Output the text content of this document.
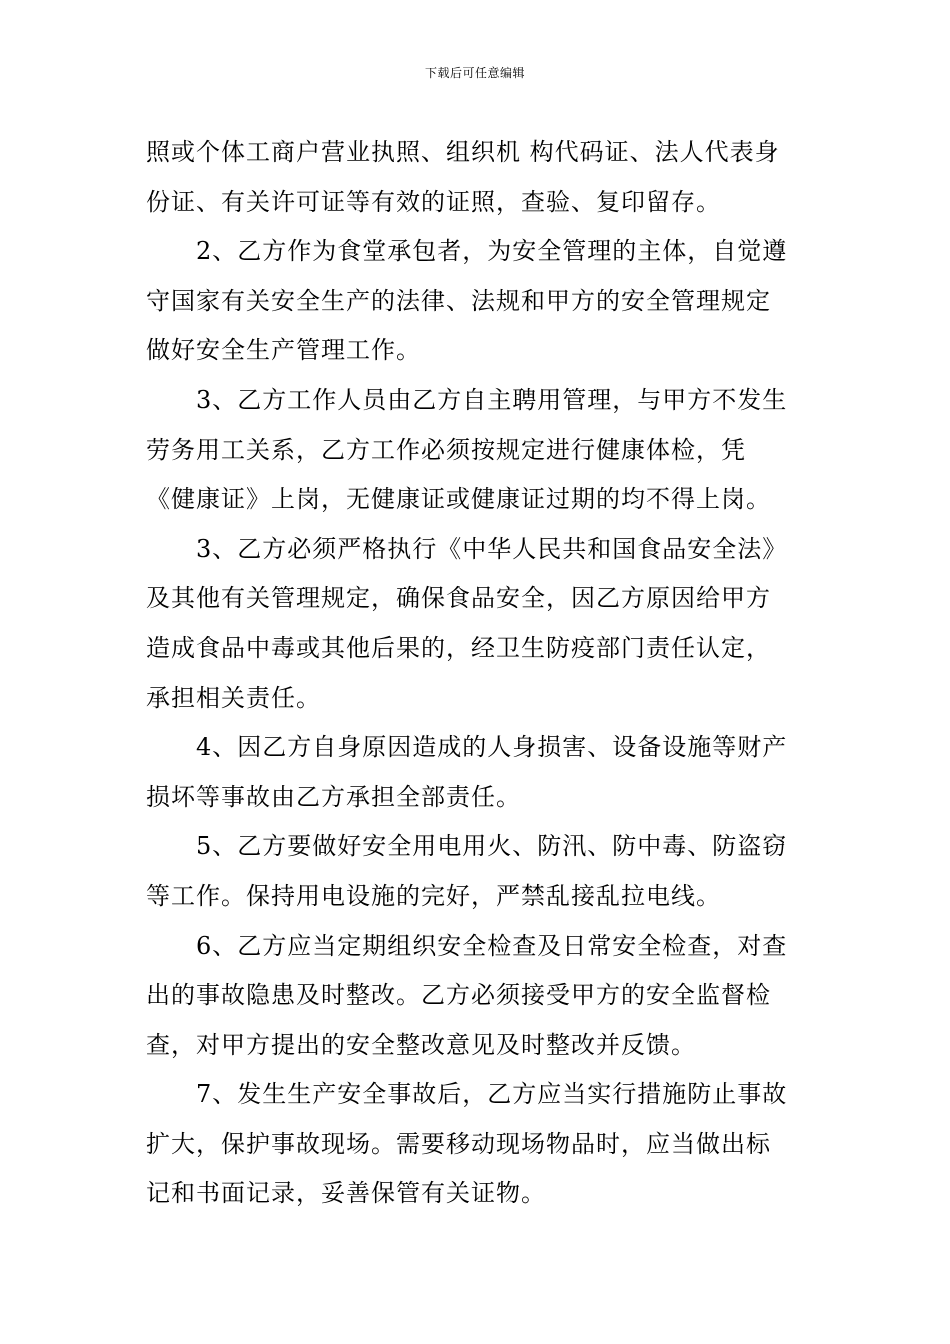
下载后可任意编辑
照或个体工商户营业执照、组织机 构代码证、法人代表身
份证、有关许可证等有效的证照，查验、复印留存。
2、乙方作为食堂承包者，为安全管理的主体，自觉遵
守国家有关安全生产的法律、法规和甲方的安全管理规定
做好安全生产管理工作。
3、乙方工作人员由乙方自主聘用管理，与甲方不发生
劳务用工关系，乙方工作必须按规定进行健康体检，凭
《健康证》上岗，无健康证或健康证过期的均不得上岗。
3、乙方必须严格执行《中华人民共和国食品安全法》
及其他有关管理规定，确保食品安全，因乙方原因给甲方
造成食品中毒或其他后果的，经卫生防疫部门责任认定，
承担相关责任。
4、因乙方自身原因造成的人身损害、设备设施等财产
损坏等事故由乙方承担全部责任。
5、乙方要做好安全用电用火、防汛、防中毒、防盗窃
等工作。保持用电设施的完好，严禁乱接乱拉电线。
6、乙方应当定期组织安全检查及日常安全检查，对查
出的事故隐患及时整改。乙方必须接受甲方的安全监督检
查，对甲方提出的安全整改意见及时整改并反馈。
7、发生生产安全事故后，乙方应当实行措施防止事故
扩大，保护事故现场。需要移动现场物品时，应当做出标
记和书面记录，妥善保管有关证物。
